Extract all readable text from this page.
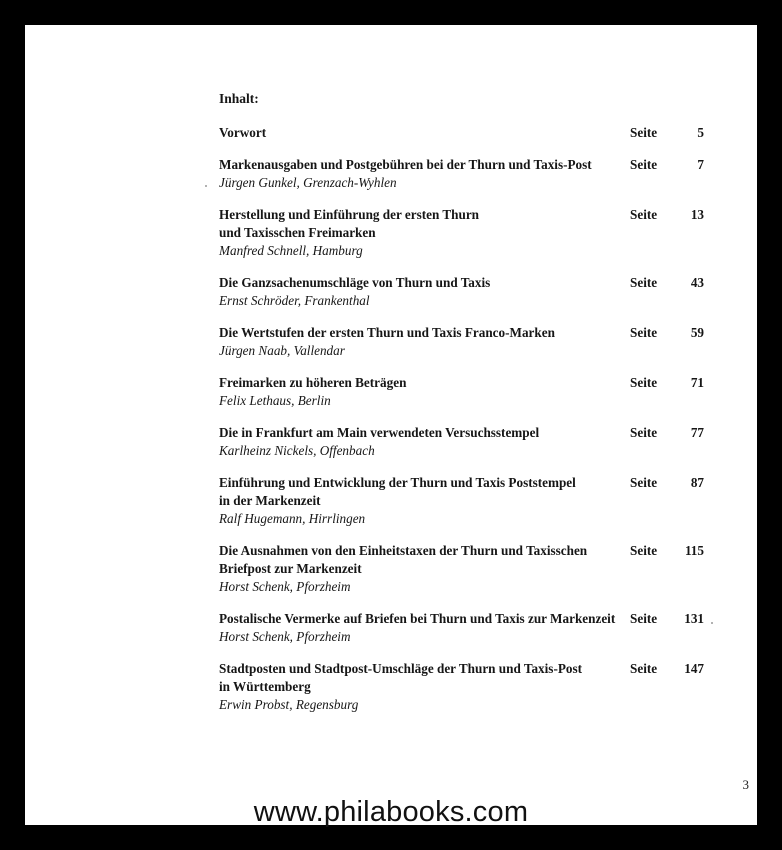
Inhalt:
Vorwort	Seite	5
Markenausgaben und Postgebühren bei der Thurn und Taxis-Post
Jürgen Gunkel, Grenzach-Wyhlen
Seite	7
Herstellung und Einführung der ersten Thurn
und Taxisschen Freimarken
Manfred Schnell, Hamburg
Seite	13
Die Ganzsachenumschläge von Thurn und Taxis
Ernst Schröder, Frankenthal
Seite	43
Die Wertstufen der ersten Thurn und Taxis Franco-Marken
Jürgen Naab, Vallendar
Seite	59
Freimarken zu höheren Beträgen
Felix Lethaus, Berlin
Seite	71
Die in Frankfurt am Main verwendeten Versuchsstempel
Karlheinz Nickels, Offenbach
Seite	77
Einführung und Entwicklung der Thurn und Taxis Poststempel
in der Markenzeit
Ralf Hugemann, Hirrlingen
Seite	87
Die Ausnahmen von den Einheitstaxen der Thurn und Taxisschen
Briefpost zur Markenzeit
Horst Schenk, Pforzheim
Seite 115
Postalische Vermerke auf Briefen bei Thurn und Taxis zur Markenzeit
Horst Schenk, Pforzheim
Seite 131
Stadtposten und Stadtpost-Umschläge der Thurn und Taxis-Post
in Württemberg
Erwin Probst, Regensburg
Seite 147
3
www.philabooks.com
